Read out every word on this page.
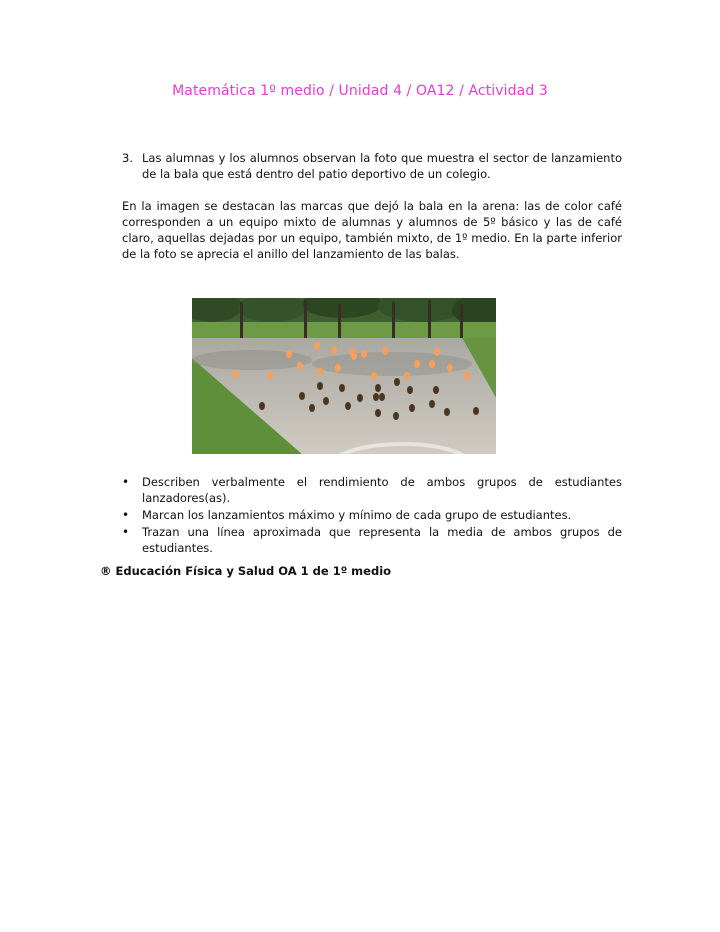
Matemática 1º medio / Unidad 4 / OA12 / Actividad 3
3. Las alumnas y los alumnos observan la foto que muestra el sector de lanzamiento de la bala que está dentro del patio deportivo de un colegio.
En la imagen se destacan las marcas que dejó la bala en la arena: las de color café corresponden a un equipo mixto de alumnas y alumnos de 5º básico y las de café claro, aquellas dejadas por un equipo, también mixto, de 1º medio. En la parte inferior de la foto se aprecia el anillo del lanzamiento de las balas.
• Describen verbalmente el rendimiento de ambos grupos de estudiantes lanzadores(as).
• Marcan los lanzamientos máximo y mínimo de cada grupo de estudiantes.
• Trazan una línea aproximada que representa la media de ambos grupos de estudiantes.
® Educación Física y Salud OA 1 de 1º medio
